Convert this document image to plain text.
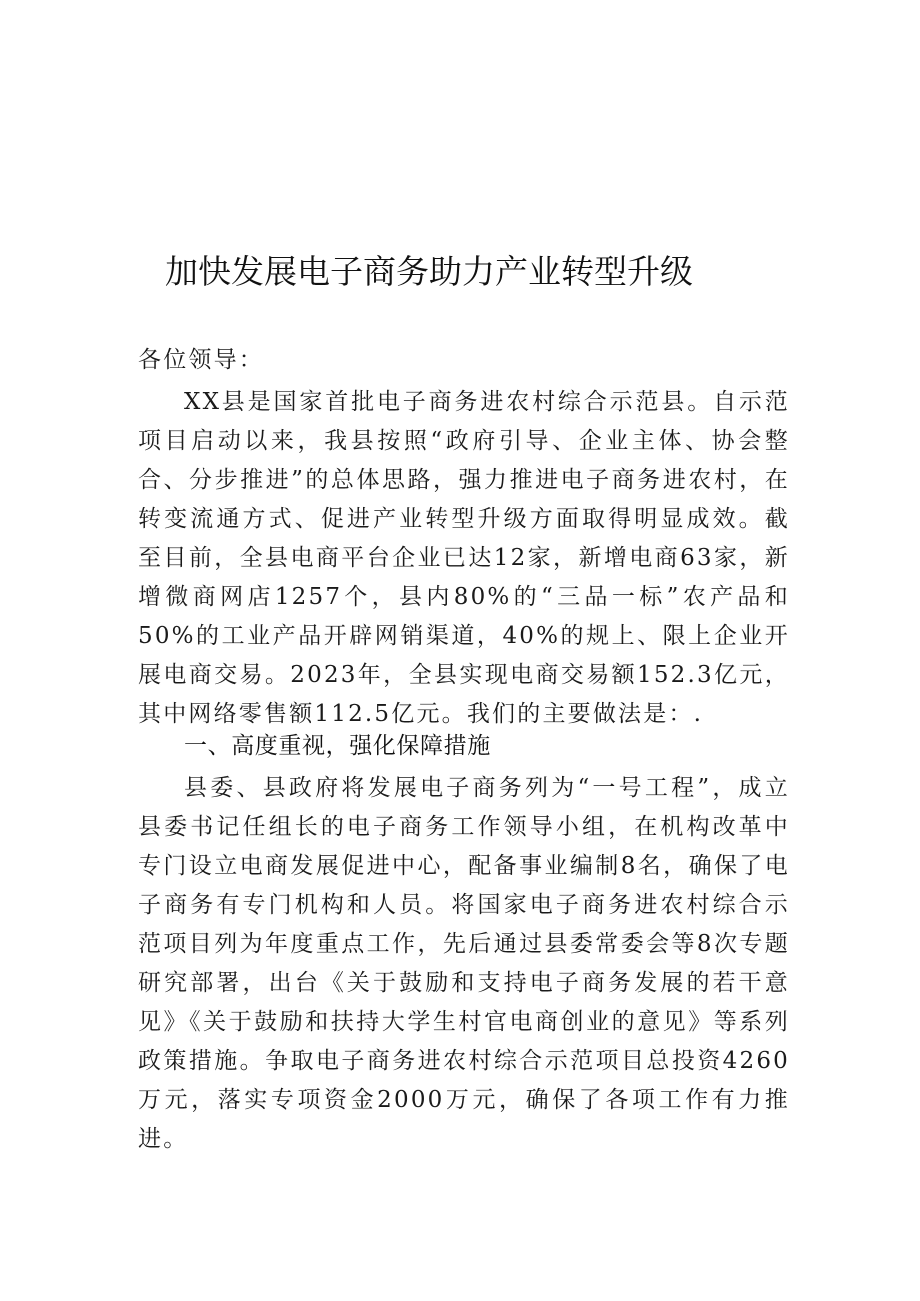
加快发展电子商务助力产业转型升级

各位领导：

XX县是国家首批电子商务进农村综合示范县。自示范项目启动以来，我县按照“政府引导、企业主体、协会整合、分步推进”的总体思路，强力推进电子商务进农村，在转变流通方式、促进产业转型升级方面取得明显成效。截至目前，全县电商平台企业已达12家，新增电商63家，新增微商网店1257个，县内80%的“三品一标”农产品和50%的工业产品开辟网销渠道，40%的规上、限上企业开展电商交易。2023年，全县实现电商交易额152.3亿元，其中网络零售额112.5亿元。我们的主要做法是：.

一、高度重视，强化保障措施

县委、县政府将发展电子商务列为“一号工程”，成立县委书记任组长的电子商务工作领导小组，在机构改革中专门设立电商发展促进中心，配备事业编制8名，确保了电子商务有专门机构和人员。将国家电子商务进农村综合示范项目列为年度重点工作，先后通过县委常委会等8次专题研究部署，出台《关于鼓励和支持电子商务发展的若干意见》《关于鼓励和扶持大学生村官电商创业的意见》等系列政策措施。争取电子商务进农村综合示范项目总投资4260万元，落实专项资金2000万元，确保了各项工作有力推进。
